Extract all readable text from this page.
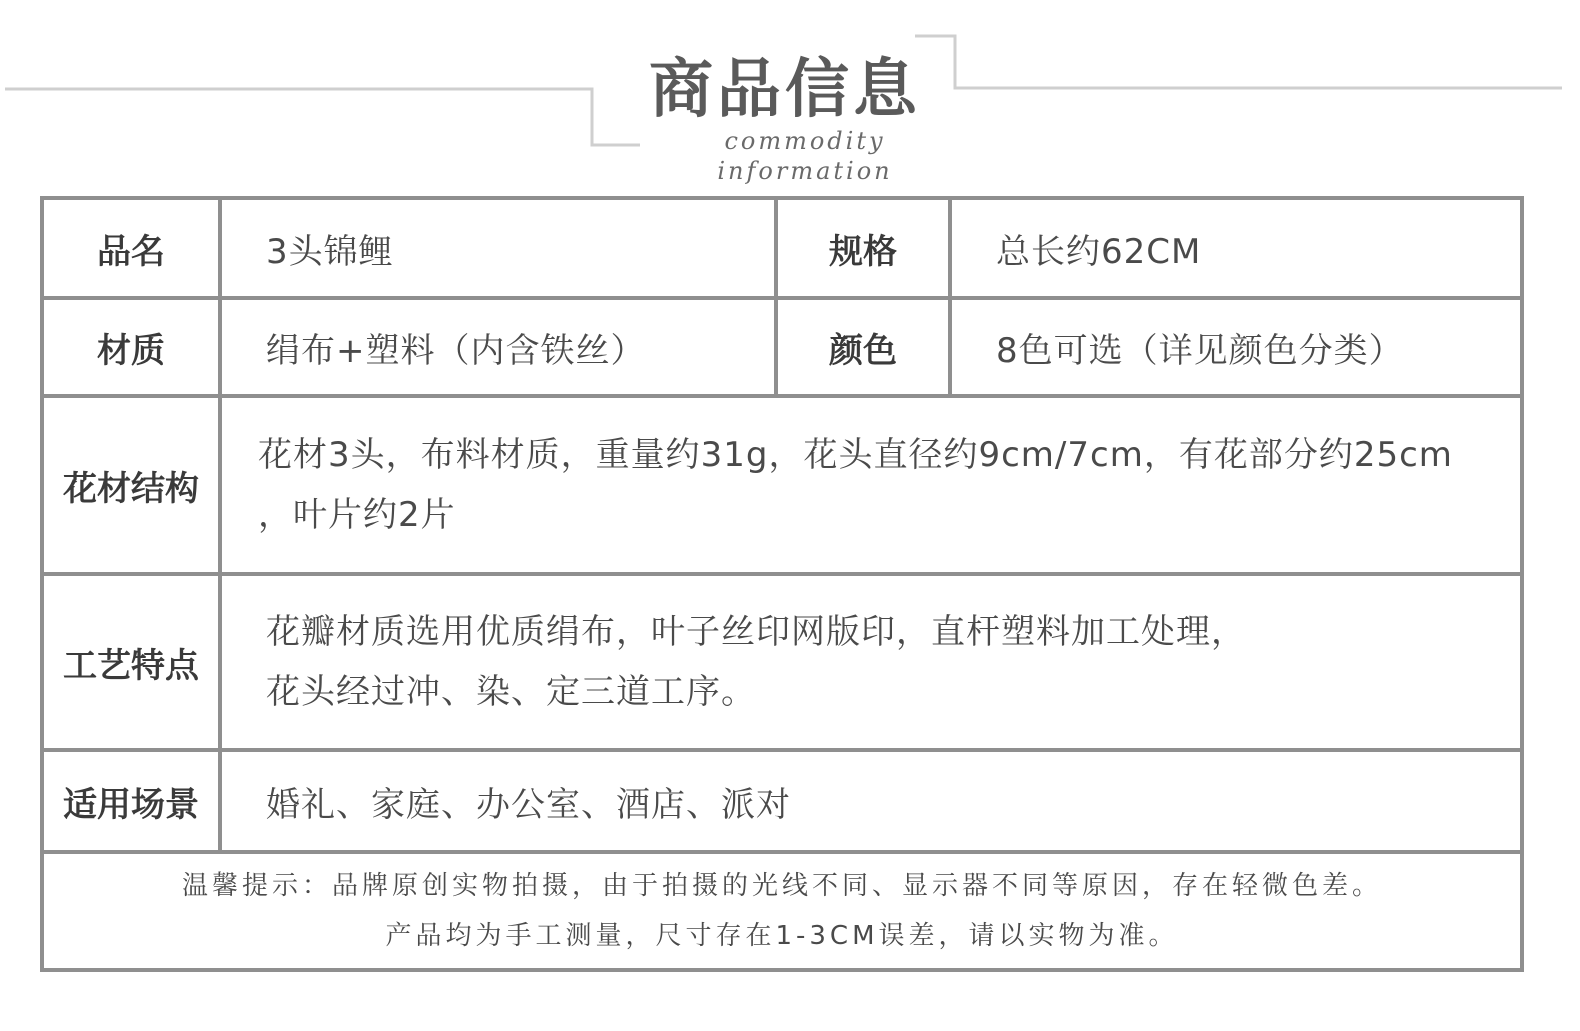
商品信息
commodity information
品名	3头锦鲤	规格	总长约62CM
材质	绢布+塑料（内含铁丝）	颜色	8色可选（详见颜色分类）
花材结构	花材3头，布料材质，重量约31g，花头直径约9cm/7cm，有花部分约25cm
，叶片约2片		

工艺特点	花瓣材质选用优质绢布，叶子丝印网版印，直杆塑料加工处理，
花头经过冲、染、定三道工序。		

适用场景	婚礼、家庭、办公室、酒店、派对		

温馨提示：品牌原创实物拍摄，由于拍摄的光线不同、显示器不同等原因，存在轻微色差。
产品均为手工测量，尺寸存在1-3CM误差，请以实物为准。			
